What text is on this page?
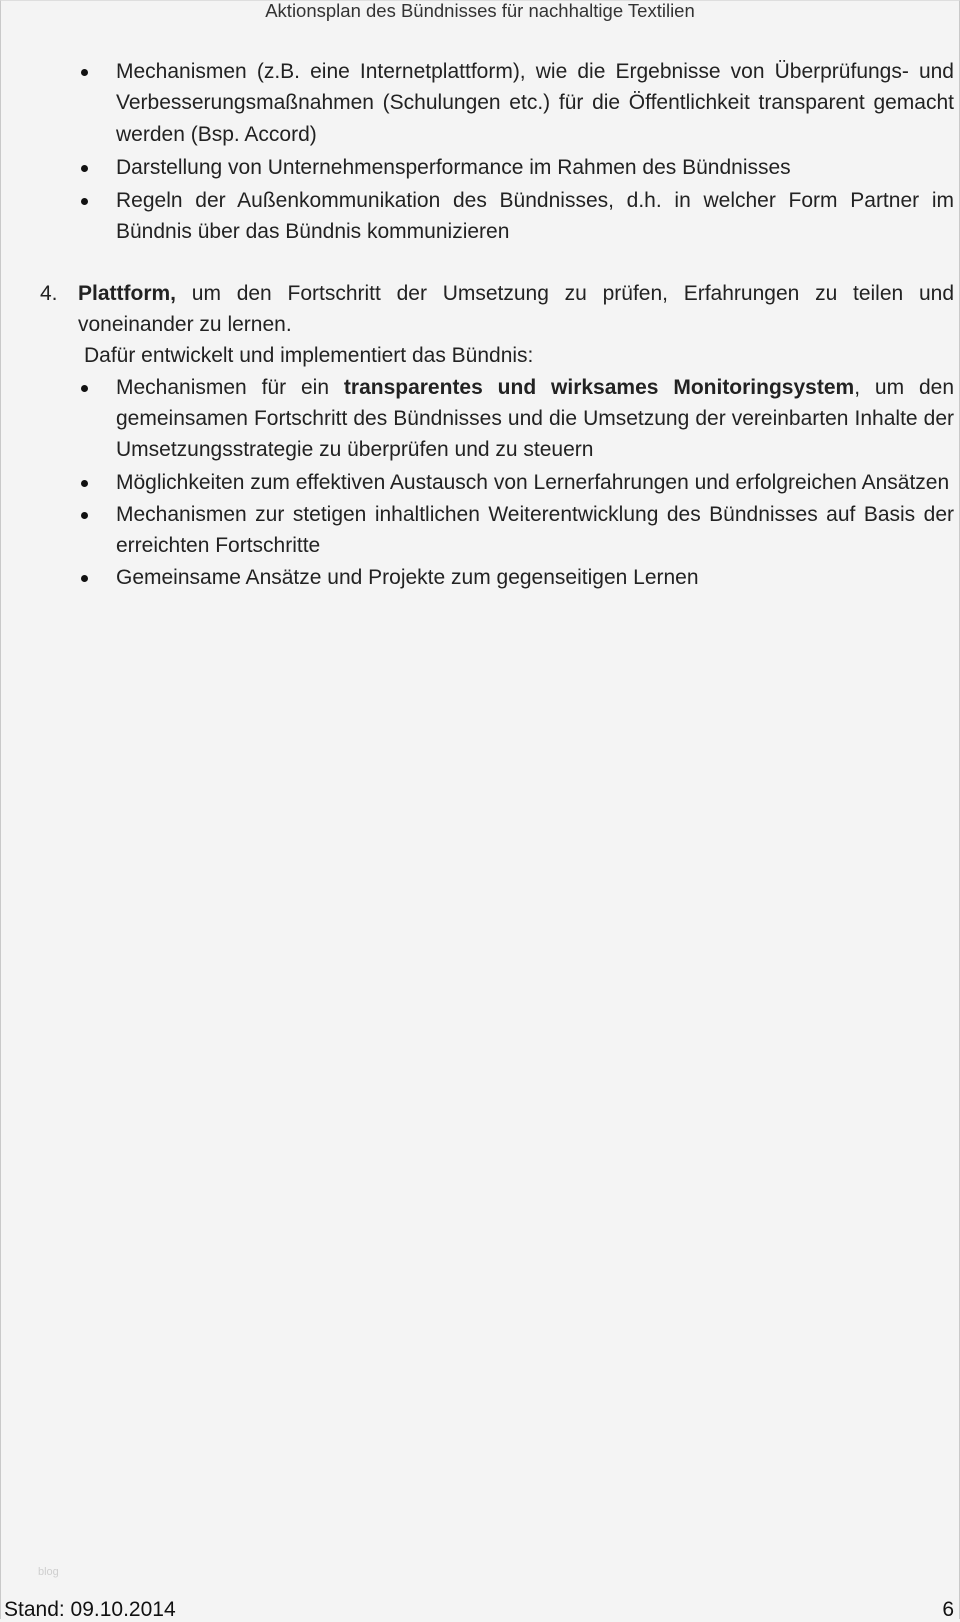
Aktionsplan des Bündnisses für nachhaltige Textilien
Mechanismen (z.B. eine Internetplattform), wie die Ergebnisse von Überprüfungs- und Verbesserungsmaßnahmen (Schulungen etc.) für die Öffentlichkeit transparent gemacht werden (Bsp. Accord)
Darstellung von Unternehmensperformance im Rahmen des Bündnisses
Regeln der Außenkommunikation des Bündnisses, d.h. in welcher Form Partner im Bündnis über das Bündnis kommunizieren
4. Plattform, um den Fortschritt der Umsetzung zu prüfen, Erfahrungen zu teilen und voneinander zu lernen.
Dafür entwickelt und implementiert das Bündnis:
Mechanismen für ein transparentes und wirksames Monitoringsystem, um den gemeinsamen Fortschritt des Bündnisses und die Umsetzung der vereinbarten Inhalte der Umsetzungsstrategie zu überprüfen und zu steuern
Möglichkeiten zum effektiven Austausch von Lernerfahrungen und erfolgreichen Ansätzen
Mechanismen zur stetigen inhaltlichen Weiterentwicklung des Bündnisses auf Basis der erreichten Fortschritte
Gemeinsame Ansätze und Projekte zum gegenseitigen Lernen
blog
Stand: 09.10.2014	6
